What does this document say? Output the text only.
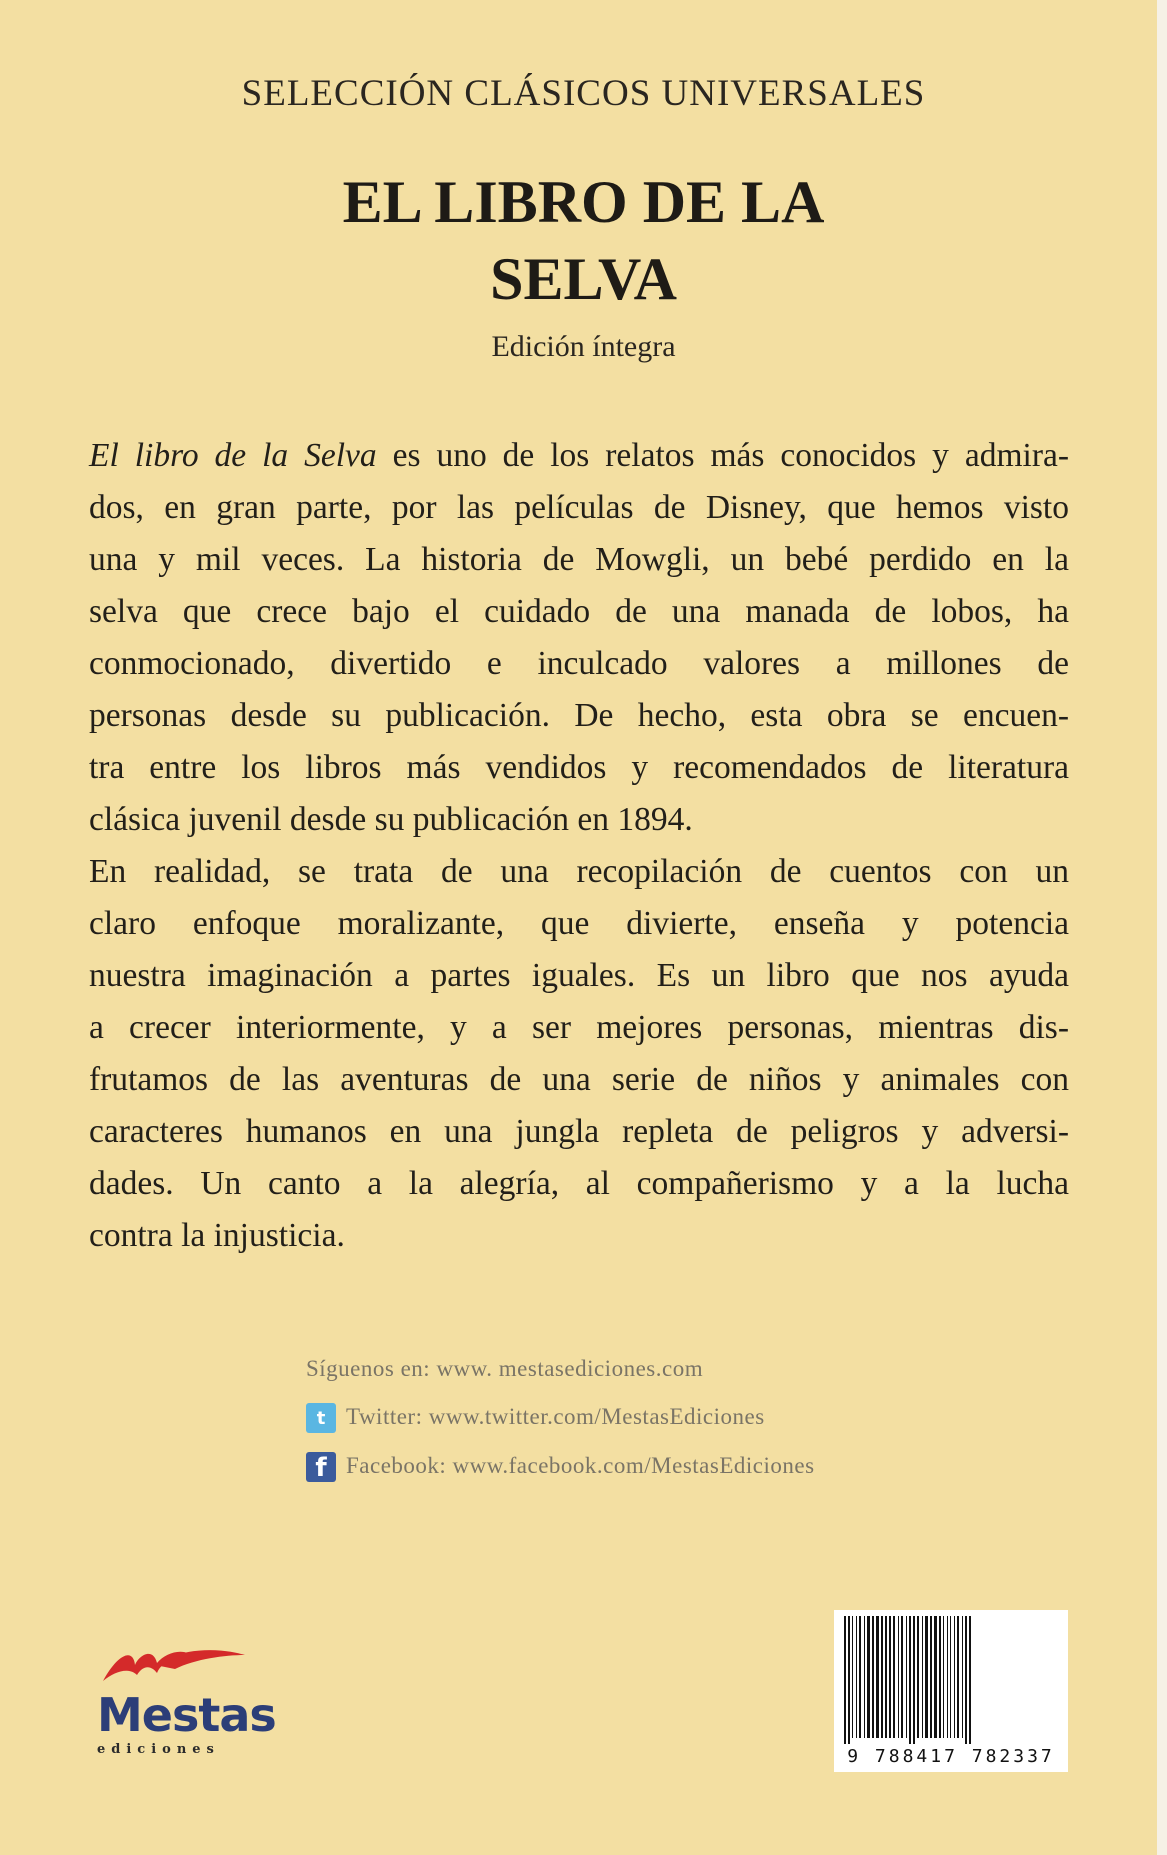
SELECCIÓN CLÁSICOS UNIVERSALES
EL LIBRO DE LA
SELVA
Edición íntegra
El libro de la Selva es uno de los relatos más conocidos y admira-
dos, en gran parte, por las películas de Disney, que hemos visto
una y mil veces. La historia de Mowgli, un bebé perdido en la
selva que crece bajo el cuidado de una manada de lobos, ha
conmocionado, divertido e inculcado valores a millones de
personas desde su publicación. De hecho, esta obra se encuen-
tra entre los libros más vendidos y recomendados de literatura
clásica juvenil desde su publicación en 1894.
En realidad, se trata de una recopilación de cuentos con un
claro enfoque moralizante, que divierte, enseña y potencia
nuestra imaginación a partes iguales. Es un libro que nos ayuda
a crecer interiormente, y a ser mejores personas, mientras dis-
frutamos de las aventuras de una serie de niños y animales con
caracteres humanos en una jungla repleta de peligros y adversi-
dades. Un canto a la alegría, al compañerismo y a la lucha
contra la injusticia.
Síguenos en: www. mestasediciones.com
t Twitter: www.twitter.com/MestasEdiciones
f Facebook: www.facebook.com/MestasEdiciones
Mestas
ediciones	9 788417 782337
